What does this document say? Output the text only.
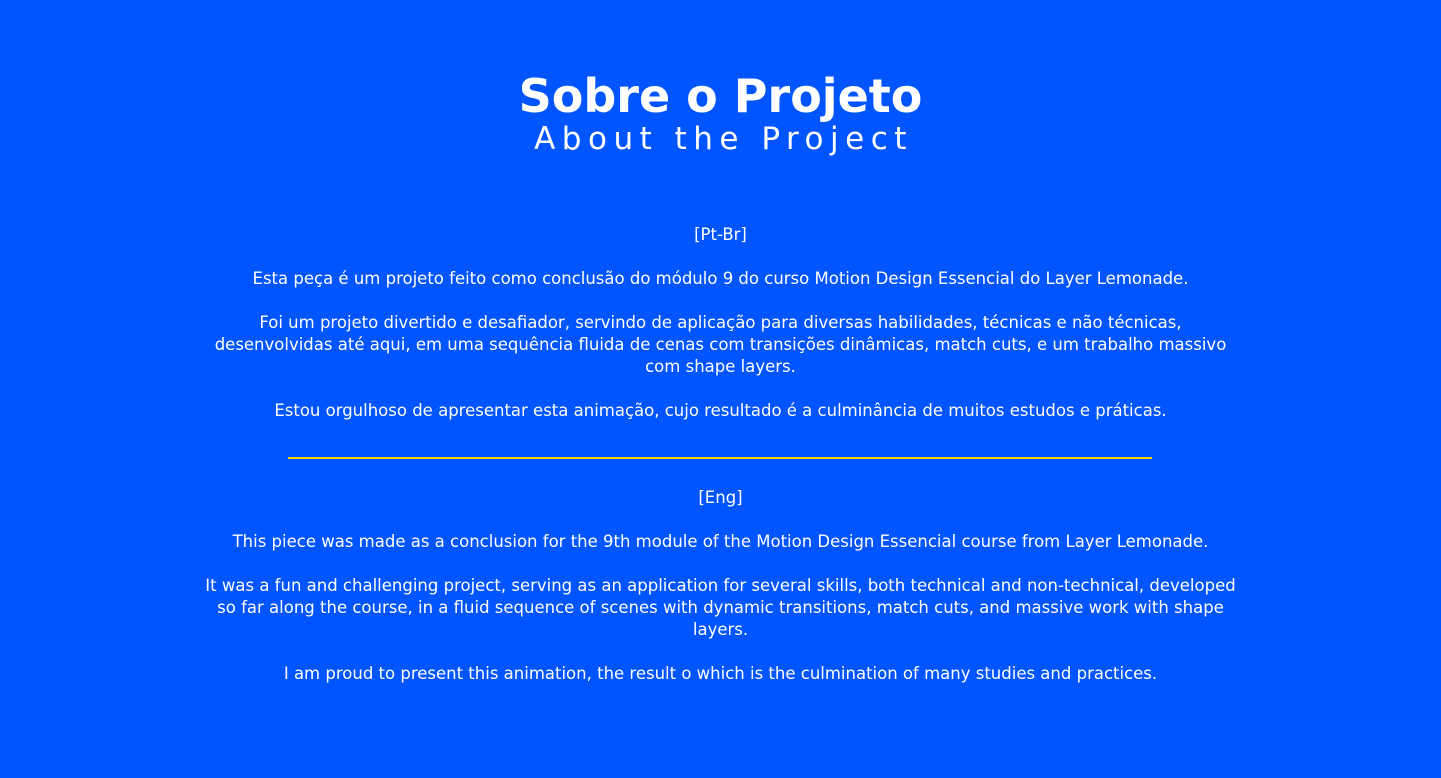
Sobre o Projeto
About the Project

[Pt-Br]

Esta peça é um projeto feito como conclusão do módulo 9 do curso Motion Design Essencial do Layer Lemonade.

Foi um projeto divertido e desafiador, servindo de aplicação para diversas habilidades, técnicas e não técnicas, desenvolvidas até aqui, em uma sequência fluida de cenas com transições dinâmicas, match cuts, e um trabalho massivo com shape layers.

Estou orgulhoso de apresentar esta animação, cujo resultado é a culminância de muitos estudos e práticas.

[Eng]

This piece was made as a conclusion for the 9th module of the Motion Design Essencial course from Layer Lemonade.

It was a fun and challenging project, serving as an application for several skills, both technical and non-technical, developed so far along the course, in a fluid sequence of scenes with dynamic transitions, match cuts, and massive work with shape layers.

I am proud to present this animation, the result o which is the culmination of many studies and practices.
